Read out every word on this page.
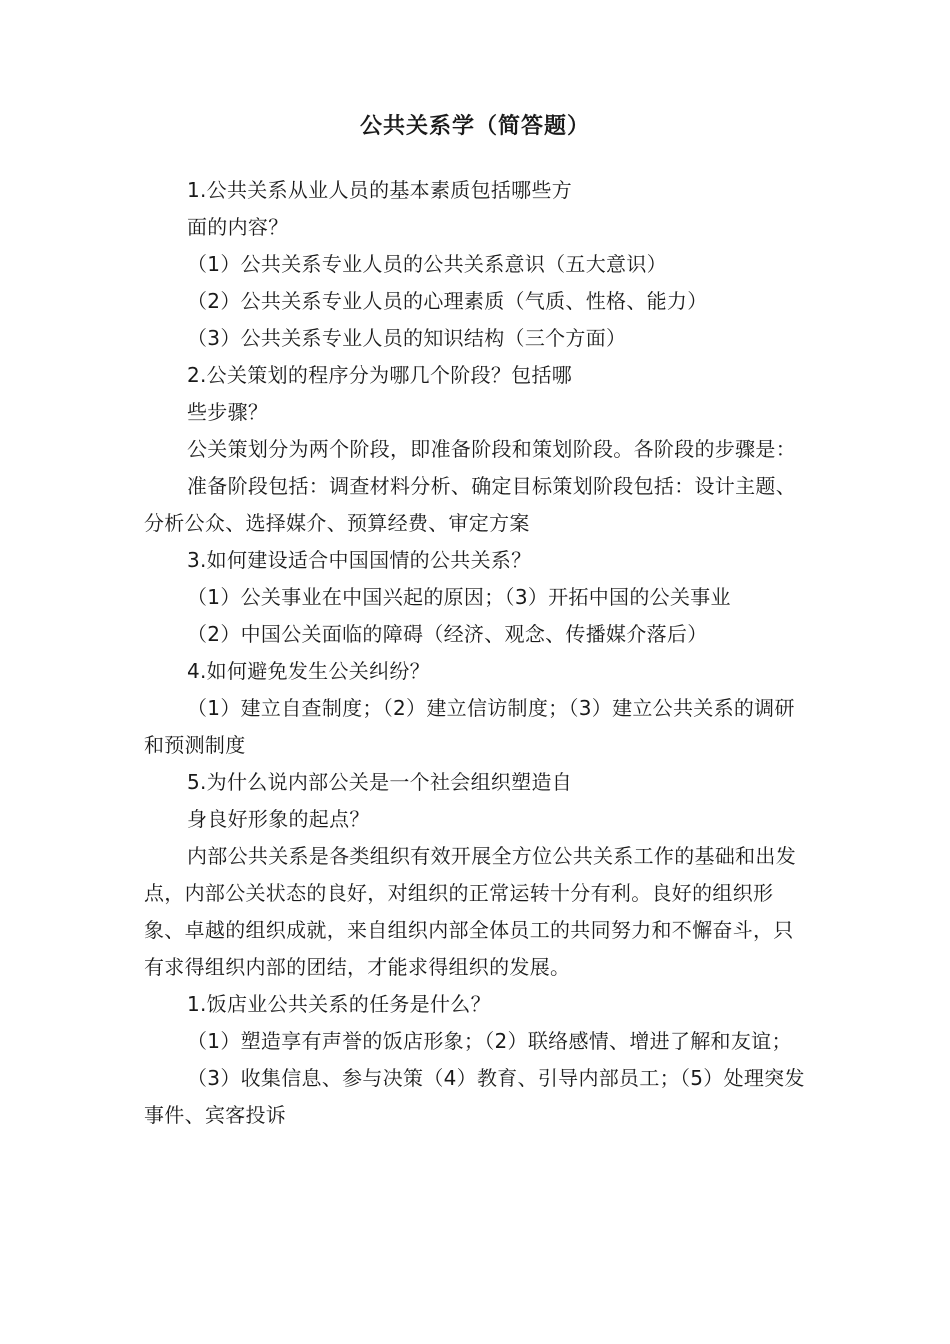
公共关系学（简答题）

1.公共关系从业人员的基本素质包括哪些方

面的内容？

（1）公共关系专业人员的公共关系意识（五大意识）

（2）公共关系专业人员的心理素质（气质、性格、能力）

（3）公共关系专业人员的知识结构（三个方面）

2.公关策划的程序分为哪几个阶段？包括哪

些步骤？

公关策划分为两个阶段，即准备阶段和策划阶段。各阶段的步骤是：

准备阶段包括：调查材料分析、确定目标策划阶段包括：设计主题、分析公众、选择媒介、预算经费、审定方案

3.如何建设适合中国国情的公共关系？

（1）公关事业在中国兴起的原因；（3）开拓中国的公关事业

（2）中国公关面临的障碍（经济、观念、传播媒介落后）

4.如何避免发生公关纠纷？

（1）建立自查制度；（2）建立信访制度；（3）建立公共关系的调研和预测制度

5.为什么说内部公关是一个社会组织塑造自

身良好形象的起点？

内部公共关系是各类组织有效开展全方位公共关系工作的基础和出发点，内部公关状态的良好，对组织的正常运转十分有利。良好的组织形象、卓越的组织成就，来自组织内部全体员工的共同努力和不懈奋斗，只有求得组织内部的团结，才能求得组织的发展。

1.饭店业公共关系的任务是什么？

（1）塑造享有声誉的饭店形象；（2）联络感情、增进了解和友谊；

（3）收集信息、参与决策（4）教育、引导内部员工；（5）处理突发事件、宾客投诉
